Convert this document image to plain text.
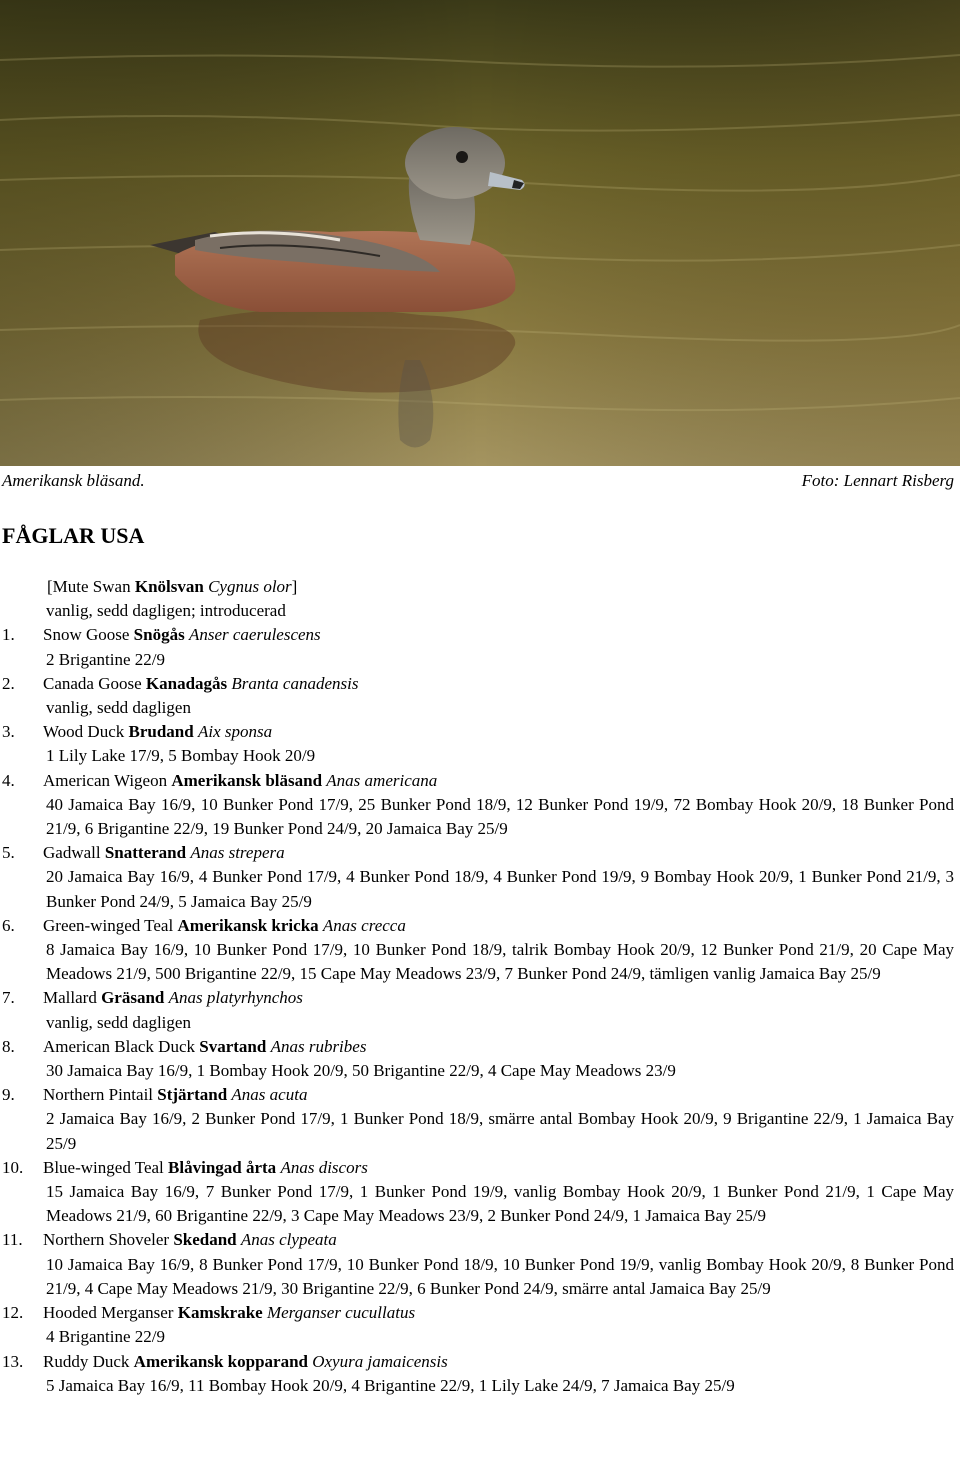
Amerikansk bläsand.	Foto: Lennart Risberg
FÅGLAR USA
[Mute Swan Knölsvan Cygnus olor]
vanlig, sedd dagligen; introducerad
1. Snow Goose Snögås Anser caerulescens
2 Brigantine 22/9
2. Canada Goose Kanadagås Branta canadensis
vanlig, sedd dagligen
3. Wood Duck Brudand Aix sponsa
1 Lily Lake 17/9, 5 Bombay Hook 20/9
4. American Wigeon Amerikansk bläsand Anas americana
40 Jamaica Bay 16/9, 10 Bunker Pond 17/9, 25 Bunker Pond 18/9, 12 Bunker Pond 19/9, 72 Bombay Hook 20/9, 18 Bunker Pond 21/9, 6 Brigantine 22/9, 19 Bunker Pond 24/9, 20 Jamaica Bay 25/9
5. Gadwall Snatterand Anas strepera
20 Jamaica Bay 16/9, 4 Bunker Pond 17/9, 4 Bunker Pond 18/9, 4 Bunker Pond 19/9, 9 Bombay Hook 20/9, 1 Bunker Pond 21/9, 3 Bunker Pond 24/9, 5 Jamaica Bay 25/9
6. Green-winged Teal Amerikansk kricka Anas crecca
8 Jamaica Bay 16/9, 10 Bunker Pond 17/9, 10 Bunker Pond 18/9, talrik Bombay Hook 20/9, 12 Bunker Pond 21/9, 20 Cape May Meadows 21/9, 500 Brigantine 22/9, 15 Cape May Meadows 23/9, 7 Bunker Pond 24/9, tämligen vanlig Jamaica Bay 25/9
7. Mallard Gräsand Anas platyrhynchos
vanlig, sedd dagligen
8. American Black Duck Svartand Anas rubribes
30 Jamaica Bay 16/9, 1 Bombay Hook 20/9, 50 Brigantine 22/9, 4 Cape May Meadows 23/9
9. Northern Pintail Stjärtand Anas acuta
2 Jamaica Bay 16/9, 2 Bunker Pond 17/9, 1 Bunker Pond 18/9, smärre antal Bombay Hook 20/9, 9 Brigantine 22/9, 1 Jamaica Bay 25/9
10. Blue-winged Teal Blåvingad årta Anas discors
15 Jamaica Bay 16/9, 7 Bunker Pond 17/9, 1 Bunker Pond 19/9, vanlig Bombay Hook 20/9, 1 Bunker Pond 21/9, 1 Cape May Meadows 21/9, 60 Brigantine 22/9, 3 Cape May Meadows 23/9, 2 Bunker Pond 24/9, 1 Jamaica Bay 25/9
11. Northern Shoveler Skedand Anas clypeata
10 Jamaica Bay 16/9, 8 Bunker Pond 17/9, 10 Bunker Pond 18/9, 10 Bunker Pond 19/9, vanlig Bombay Hook 20/9, 8 Bunker Pond 21/9, 4 Cape May Meadows 21/9, 30 Brigantine 22/9, 6 Bunker Pond 24/9, smärre antal Jamaica Bay 25/9
12. Hooded Merganser Kamskrake Merganser cucullatus
4 Brigantine 22/9
13. Ruddy Duck Amerikansk kopparand Oxyura jamaicensis
5 Jamaica Bay 16/9, 11 Bombay Hook 20/9, 4 Brigantine 22/9, 1 Lily Lake 24/9, 7 Jamaica Bay 25/9
